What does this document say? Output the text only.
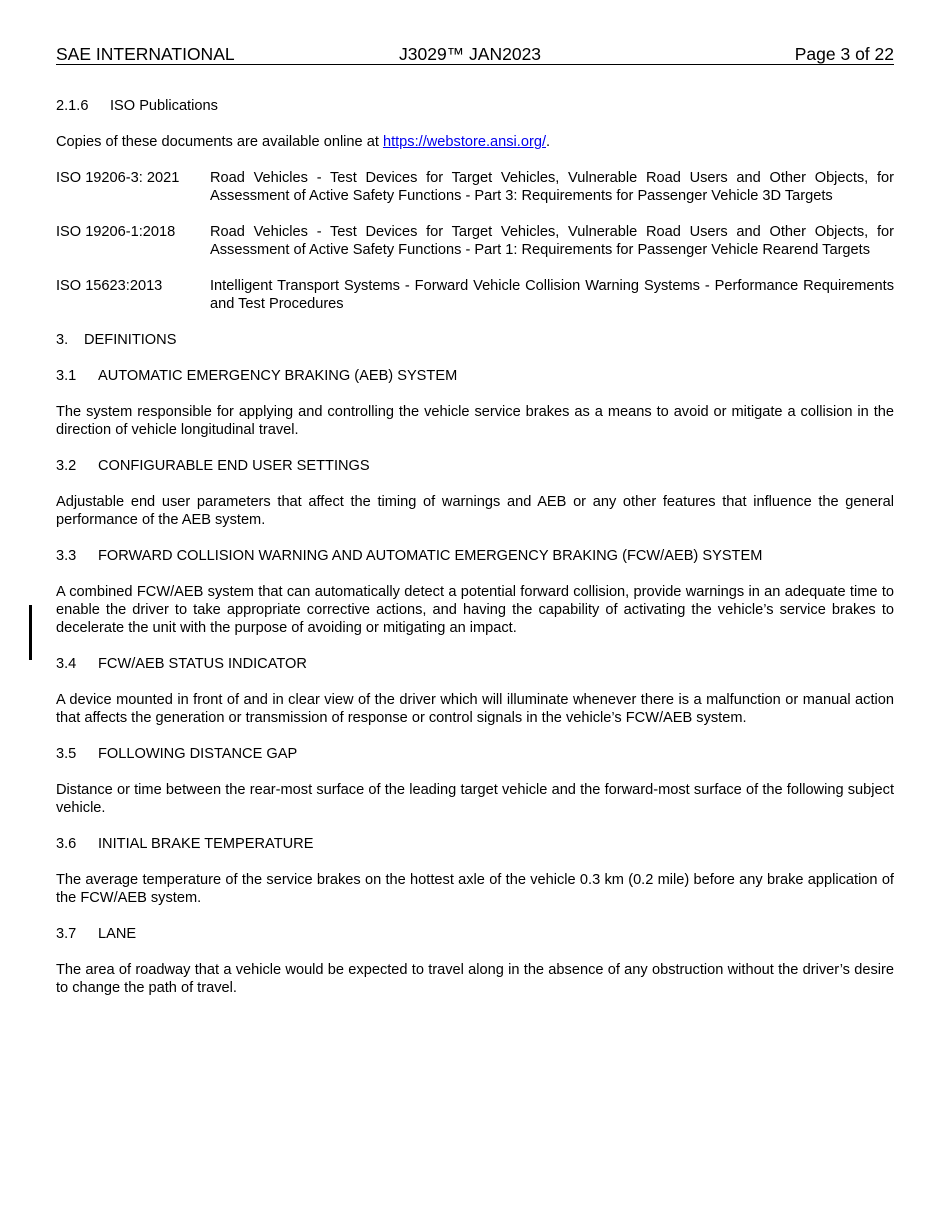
SAE INTERNATIONAL	J3029™ JAN2023	Page 3 of 22
2.1.6 ISO Publications

Copies of these documents are available online at https://webstore.ansi.org/.

ISO 19206-3: 2021	Road Vehicles - Test Devices for Target Vehicles, Vulnerable Road Users and Other Objects, for Assessment of Active Safety Functions - Part 3: Requirements for Passenger Vehicle 3D Targets
ISO 19206-1:2018	Road Vehicles - Test Devices for Target Vehicles, Vulnerable Road Users and Other Objects, for Assessment of Active Safety Functions - Part 1: Requirements for Passenger Vehicle Rearend Targets
ISO 15623:2013	Intelligent Transport Systems - Forward Vehicle Collision Warning Systems - Performance Requirements and Test Procedures
3. DEFINITIONS
3.1 AUTOMATIC EMERGENCY BRAKING (AEB) SYSTEM

The system responsible for applying and controlling the vehicle service brakes as a means to avoid or mitigate a collision in the direction of vehicle longitudinal travel.

3.2 CONFIGURABLE END USER SETTINGS

Adjustable end user parameters that affect the timing of warnings and AEB or any other features that influence the general performance of the AEB system.

3.3 FORWARD COLLISION WARNING AND AUTOMATIC EMERGENCY BRAKING (FCW/AEB) SYSTEM

A combined FCW/AEB system that can automatically detect a potential forward collision, provide warnings in an adequate time to enable the driver to take appropriate corrective actions, and having the capability of activating the vehicle’s service brakes to decelerate the unit with the purpose of avoiding or mitigating an impact.

3.4 FCW/AEB STATUS INDICATOR

A device mounted in front of and in clear view of the driver which will illuminate whenever there is a malfunction or manual action that affects the generation or transmission of response or control signals in the vehicle’s FCW/AEB system.

3.5 FOLLOWING DISTANCE GAP

Distance or time between the rear-most surface of the leading target vehicle and the forward-most surface of the following subject vehicle.

3.6 INITIAL BRAKE TEMPERATURE

The average temperature of the service brakes on the hottest axle of the vehicle 0.3 km (0.2 mile) before any brake application of the FCW/AEB system.

3.7 LANE

The area of roadway that a vehicle would be expected to travel along in the absence of any obstruction without the driver’s desire to change the path of travel.
